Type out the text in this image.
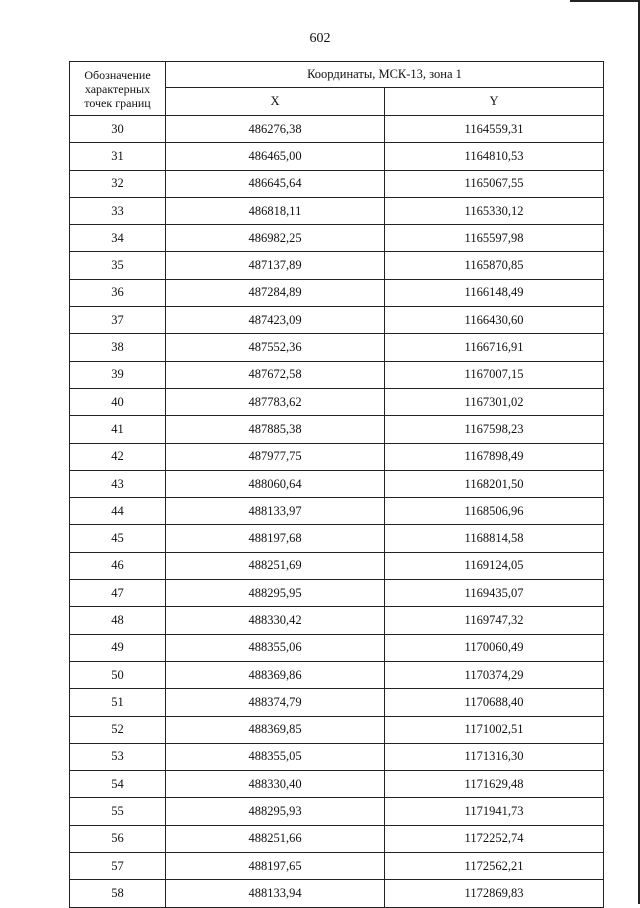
602
Обозначение характерных точек границ	Координаты, МСК-13, зона 1	
	X	Y
30	486276,38	1164559,31
31	486465,00	1164810,53
32	486645,64	1165067,55
33	486818,11	1165330,12
34	486982,25	1165597,98
35	487137,89	1165870,85
36	487284,89	1166148,49
37	487423,09	1166430,60
38	487552,36	1166716,91
39	487672,58	1167007,15
40	487783,62	1167301,02
41	487885,38	1167598,23
42	487977,75	1167898,49
43	488060,64	1168201,50
44	488133,97	1168506,96
45	488197,68	1168814,58
46	488251,69	1169124,05
47	488295,95	1169435,07
48	488330,42	1169747,32
49	488355,06	1170060,49
50	488369,86	1170374,29
51	488374,79	1170688,40
52	488369,85	1171002,51
53	488355,05	1171316,30
54	488330,40	1171629,48
55	488295,93	1171941,73
56	488251,66	1172252,74
57	488197,65	1172562,21
58	488133,94	1172869,83
